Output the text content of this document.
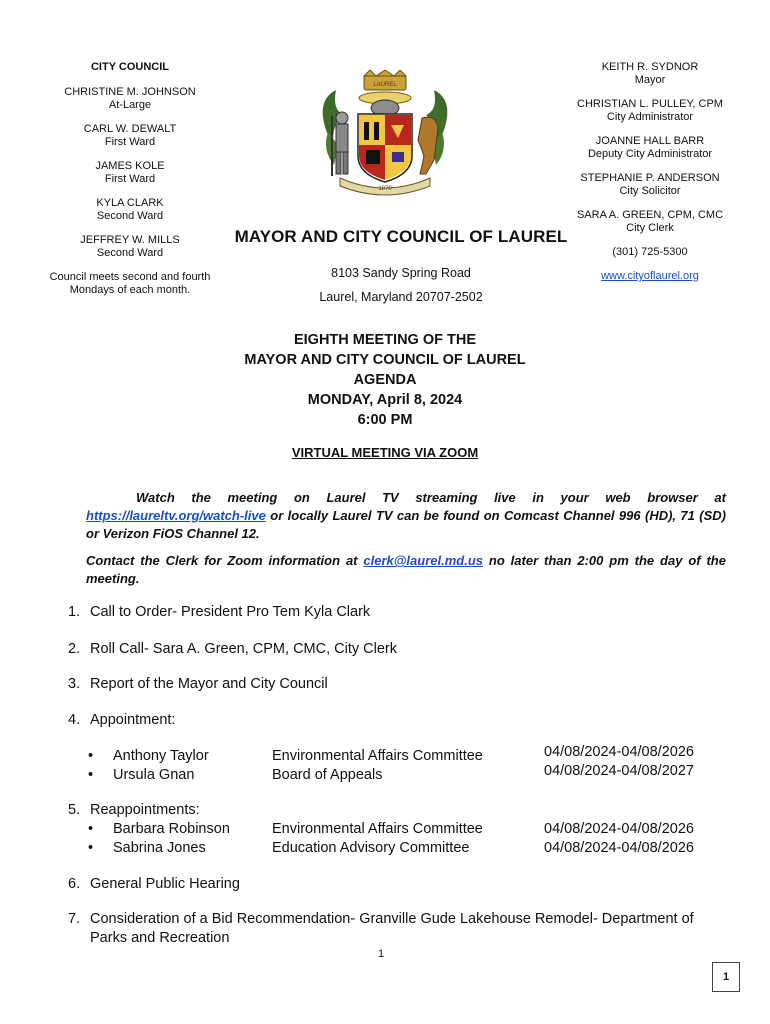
CITY COUNCIL
CHRISTINE M. JOHNSON
At-Large
CARL W. DEWALT
First Ward
JAMES KOLE
First Ward
KYLA CLARK
Second Ward
JEFFREY W. MILLS
Second Ward
Council meets second and fourth
Mondays of each month.
KEITH R. SYDNOR
Mayor
CHRISTIAN L. PULLEY, CPM
City Administrator
JOANNE HALL BARR
Deputy City Administrator
STEPHANIE P. ANDERSON
City Solicitor
SARA A. GREEN, CPM, CMC
City Clerk
(301) 725-5300
www.cityoflaurel.org
LAUREL
1870
MAYOR AND CITY COUNCIL OF LAUREL
8103 Sandy Spring Road
Laurel, Maryland 20707-2502
EIGHTH MEETING OF THE
MAYOR AND CITY COUNCIL OF LAUREL
AGENDA
MONDAY, April 8, 2024
6:00 PM
VIRTUAL MEETING VIA ZOOM
Watch the meeting on Laurel TV streaming live in your web browser at https://laureltv.org/watch-live or locally Laurel TV can be found on Comcast Channel 996 (HD), 71 (SD) or Verizon FiOS Channel 12.
Contact the Clerk for Zoom information at clerk@laurel.md.us no later than 2:00 pm the day of the meeting.
1. Call to Order- President Pro Tem Kyla Clark
2. Roll Call- Sara A. Green, CPM, CMC, City Clerk
3. Report of the Mayor and City Council
4. Appointment:
• Anthony Taylor	Environmental Affairs Committee	04/08/2024-04/08/2026
• Ursula Gnan	Board of Appeals	04/08/2024-04/08/2027
5. Reappointments:
• Barbara Robinson	Environmental Affairs Committee	04/08/2024-04/08/2026
• Sabrina Jones	Education Advisory Committee	04/08/2024-04/08/2026
6. General Public Hearing
7. Consideration of a Bid Recommendation- Granville Gude Lakehouse Remodel- Department of
Parks and Recreation
1
1
